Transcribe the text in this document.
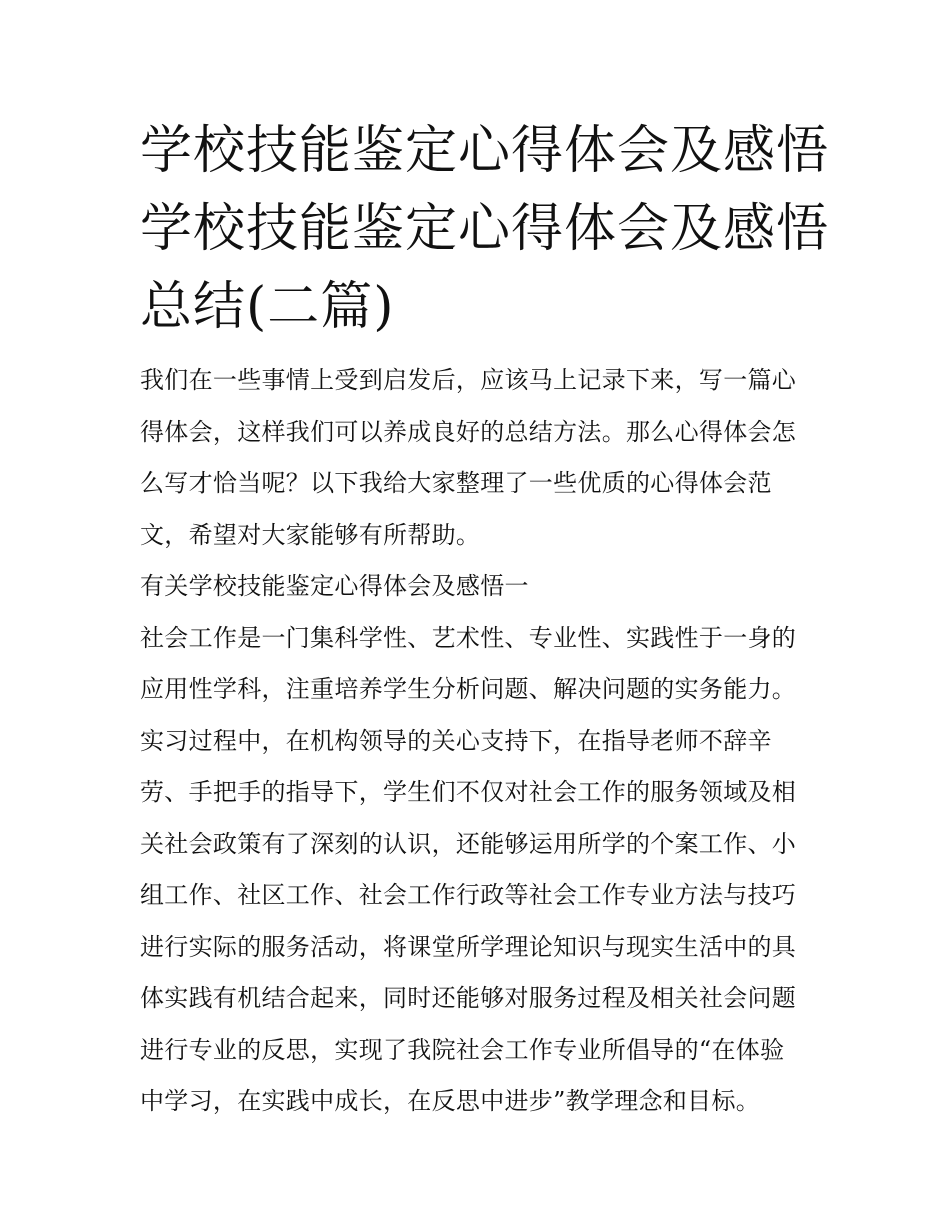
学校技能鉴定心得体会及感悟
学校技能鉴定心得体会及感悟
总结(二篇)
我们在一些事情上受到启发后，应该马上记录下来，写一篇心
得体会，这样我们可以养成良好的总结方法。那么心得体会怎
么写才恰当呢？以下我给大家整理了一些优质的心得体会范
文，希望对大家能够有所帮助。
有关学校技能鉴定心得体会及感悟一
社会工作是一门集科学性、艺术性、专业性、实践性于一身的
应用性学科，注重培养学生分析问题、解决问题的实务能力。
实习过程中，在机构领导的关心支持下，在指导老师不辞辛
劳、手把手的指导下，学生们不仅对社会工作的服务领域及相
关社会政策有了深刻的认识，还能够运用所学的个案工作、小
组工作、社区工作、社会工作行政等社会工作专业方法与技巧
进行实际的服务活动，将课堂所学理论知识与现实生活中的具
体实践有机结合起来，同时还能够对服务过程及相关社会问题
进行专业的反思，实现了我院社会工作专业所倡导的“在体验
中学习，在实践中成长，在反思中进步”教学理念和目标。
